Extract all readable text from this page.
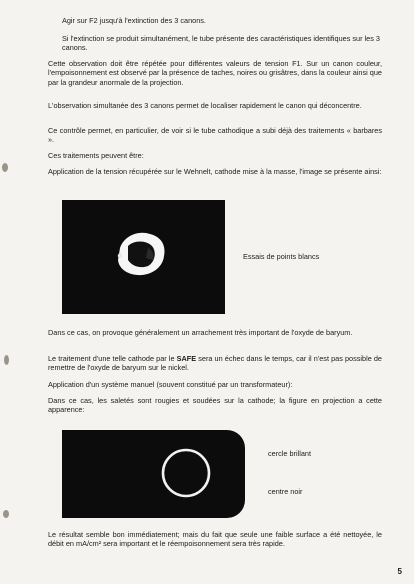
Agir sur F2 jusqu'à l'extinction des 3 canons.

Si l'extinction se produit simultanément, le tube présente des caractéristiques identifiques sur les 3 canons.

Cette observation doit être répétée pour différentes valeurs de tension F1. Sur un canon couleur, l'empoisonnement est observé par la présence de taches, noires ou grisâtres, dans la couleur ainsi que par la grandeur anormale de la projection.

L'observation simultanée des 3 canons permet de localiser rapidement le canon qui déconcentre.

Ce contrôle permet, en particulier, de voir si le tube cathodique a subi déjà des traitements « barbares ».

Ces traitements peuvent être:

Application de la tension récupérée sur le Wehnelt, cathode mise à la masse, l'image se présente ainsi:

Essais de points blancs

Dans ce cas, on provoque généralement un arrachement très important de l'oxyde de baryum.

Le traitement d'une telle cathode par le SAFE sera un échec dans le temps, car il n'est pas possible de remettre de l'oxyde de baryum sur le nickel.

Application d'un système manuel (souvent constitué par un transformateur):

Dans ce cas, les saletés sont rougies et soudées sur la cathode; la figure en projection a cette apparence:

cercle brillant

centre noir

Le résultat semble bon immédiatement; mais du fait que seule une faible surface a été nettoyée, le débit en mA/cm² sera important et le réempoisonnement sera très rapide.

5
